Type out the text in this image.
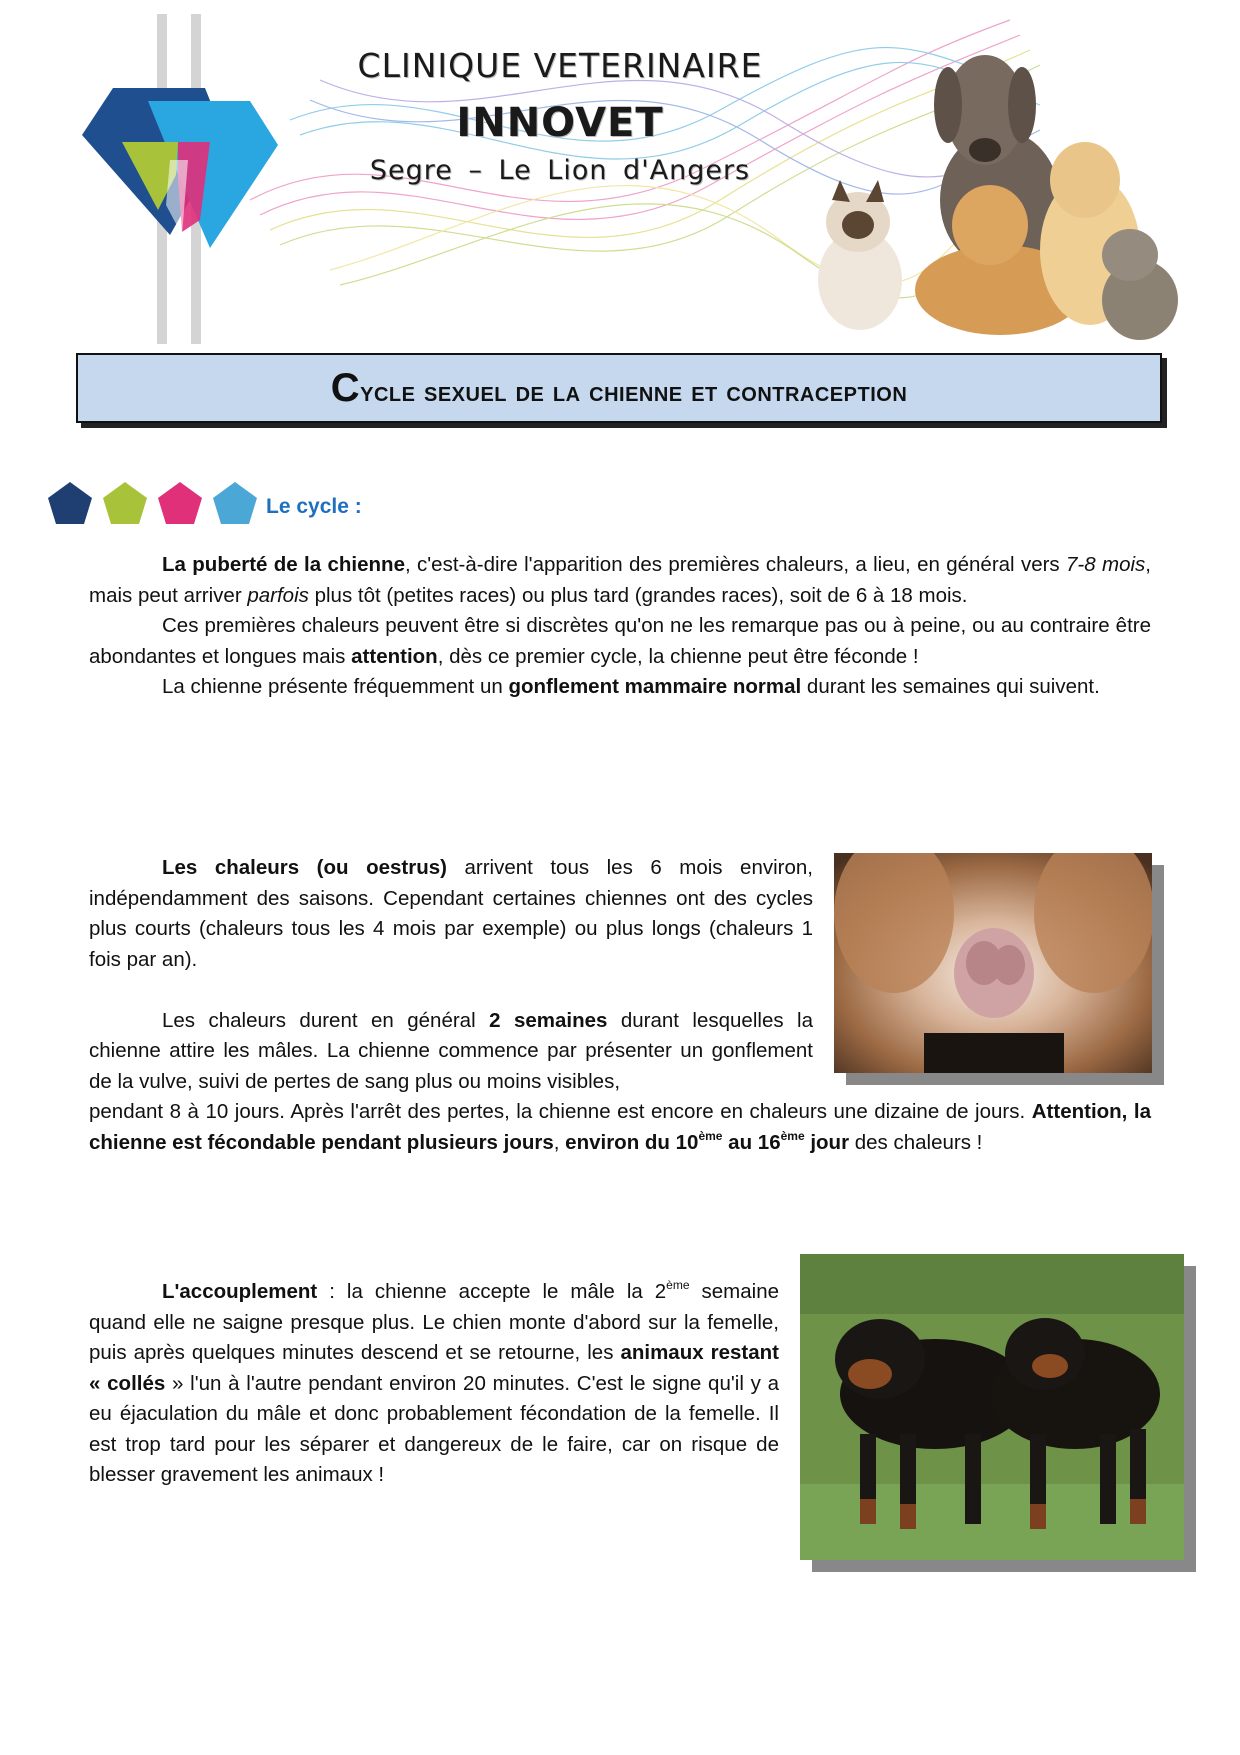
CLINIQUE VETERINAIRE
INNOVET
Segre – Le Lion d'Angers
Cycle sexuel de la chienne et contraception
Le cycle :

La puberté de la chienne, c'est-à-dire l'apparition des premières chaleurs, a lieu, en général vers 7-8 mois, mais peut arriver parfois plus tôt (petites races) ou plus tard (grandes races), soit de 6 à 18 mois.

Ces premières chaleurs peuvent être si discrètes qu'on ne les remarque pas ou à peine, ou au contraire être abondantes et longues mais attention, dès ce premier cycle, la chienne peut être féconde !

La chienne présente fréquemment un gonflement mammaire normal durant les semaines qui suivent.

Les chaleurs (ou oestrus) arrivent tous les 6 mois environ, indépendamment des saisons. Cependant certaines chiennes ont des cycles plus courts (chaleurs tous les 4 mois par exemple) ou plus longs (chaleurs 1 fois par an).

Les chaleurs durent en général 2 semaines durant lesquelles la chienne attire les mâles. La chienne commence par présenter un gonflement de la vulve, suivi de pertes de sang plus ou moins visibles,

pendant 8 à 10 jours. Après l'arrêt des pertes, la chienne est encore en chaleurs une dizaine de jours. Attention, la chienne est fécondable pendant plusieurs jours, environ du 10ème au 16ème jour des chaleurs !

L'accouplement : la chienne accepte le mâle la 2ème semaine quand elle ne saigne presque plus. Le chien monte d'abord sur la femelle, puis après quelques minutes descend et se retourne, les animaux restant « collés » l'un à l'autre pendant environ 20 minutes. C'est le signe qu'il y a eu éjaculation du mâle et donc probablement fécondation de la femelle. Il est trop tard pour les séparer et dangereux de le faire, car on risque de blesser gravement les animaux !
